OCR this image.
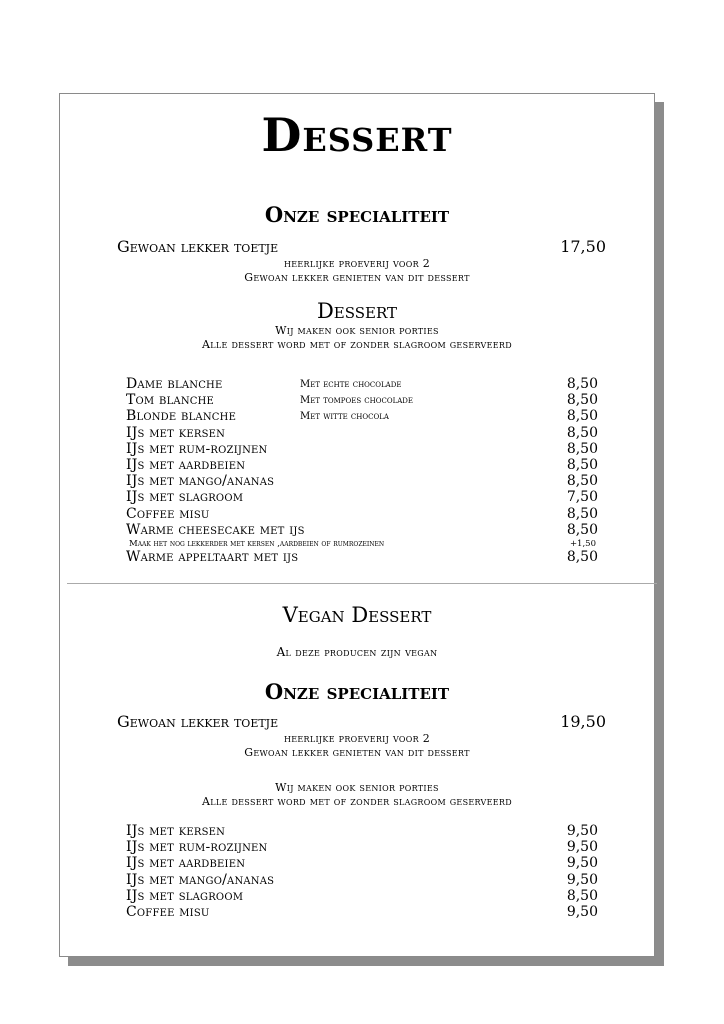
Dessert
Onze specialiteit
Gewoan lekker toetje	17,50
heerlijke proeverij voor 2
Gewoan lekker genieten van dit dessert
Dessert
Wij maken ook senior porties
Alle dessert word met of zonder slagroom geserveerd
Dame blanche	Met echte chocolade	8,50
Tom blanche	Met tompoes chocolade	8,50
Blonde blanche	Met witte chocola	8,50
IJs met kersen	8,50
IJs met rum-rozijnen	8,50
IJs met aardbeien	8,50
IJs met mango/ananas	8,50
IJs met slagroom	7,50
Coffee misu	8,50
Warme cheesecake met ijs	8,50
Maak het nog lekkerder met kersen ,aardbeien of rumrozeinen	+1,50
Warme appeltaart met ijs	8,50
Vegan Dessert
Al deze producen zijn vegan
Onze specialiteit
Gewoan lekker toetje	19,50
heerlijke proeverij voor 2
Gewoan lekker genieten van dit dessert
Wij maken ook senior porties
Alle dessert word met of zonder slagroom geserveerd
IJs met kersen	9,50
IJs met rum-rozijnen	9,50
IJs met aardbeien	9,50
IJs met mango/ananas	9,50
IJs met slagroom	8,50
Coffee misu	9,50
